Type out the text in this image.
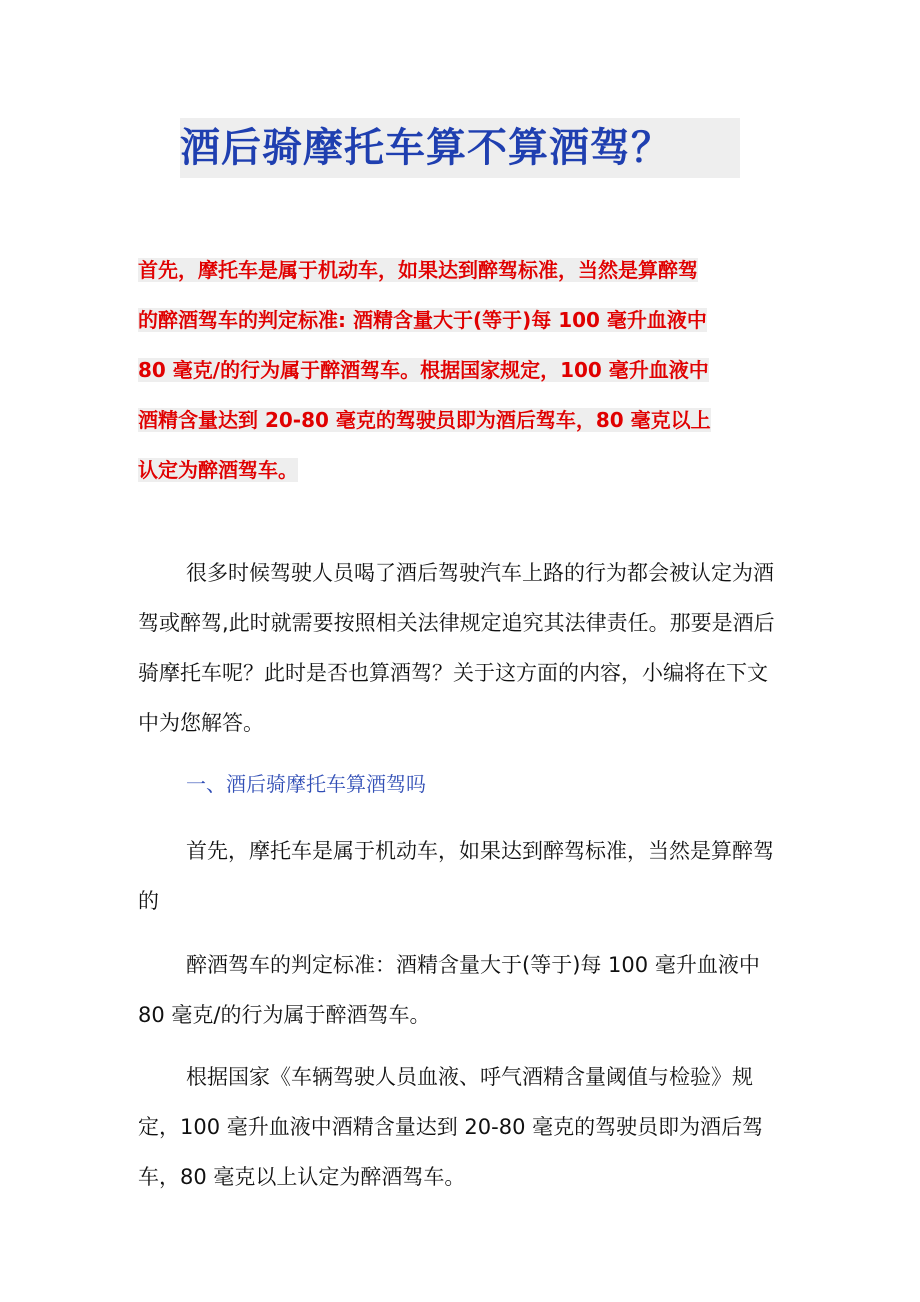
酒后骑摩托车算不算酒驾？
首先，摩托车是属于机动车，如果达到醉驾标准，当然是算醉驾
的醉酒驾车的判定标准: 酒精含量大于(等于)每 100 毫升血液中
80 毫克/的行为属于醉酒驾车。根据国家规定，100 毫升血液中
酒精含量达到 20-80 毫克的驾驶员即为酒后驾车，80 毫克以上
认定为醉酒驾车。

很多时候驾驶人员喝了酒后驾驶汽车上路的行为都会被认定为酒驾或醉驾,此时就需要按照相关法律规定追究其法律责任。那要是酒后骑摩托车呢？此时是否也算酒驾？关于这方面的内容，小编将在下文中为您解答。

一、酒后骑摩托车算酒驾吗

首先，摩托车是属于机动车，如果达到醉驾标准，当然是算醉驾的

醉酒驾车的判定标准：酒精含量大于(等于)每 100 毫升血液中 80 毫克/的行为属于醉酒驾车。

根据国家《车辆驾驶人员血液、呼气酒精含量阈值与检验》规定，100 毫升血液中酒精含量达到 20-80 毫克的驾驶员即为酒后驾车，80 毫克以上认定为醉酒驾车。
